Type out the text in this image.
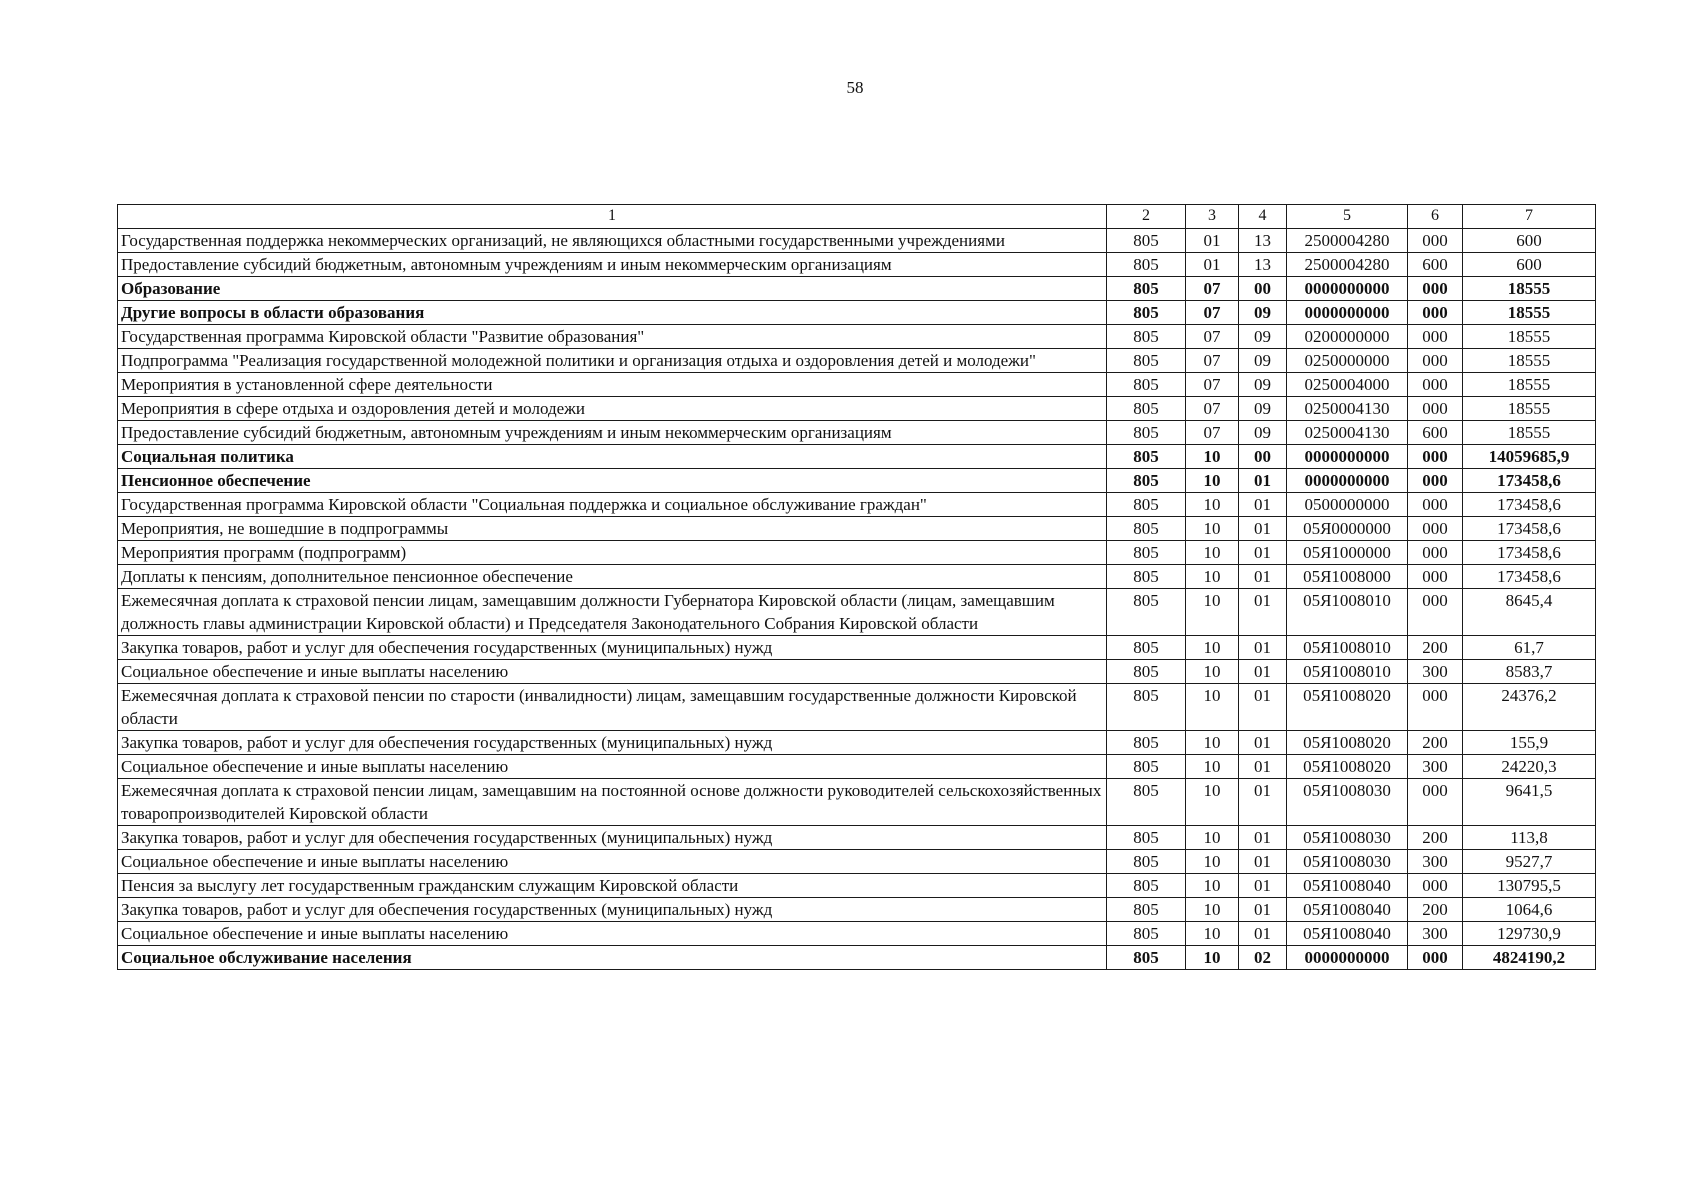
58
1	2	3	4	5	6	7
Государственная поддержка некоммерческих организаций, не являющихся областными государственными учреждениями	805	01	13	2500004280	000	600
Предоставление субсидий бюджетным, автономным учреждениям и иным некоммерческим организациям	805	01	13	2500004280	600	600
Образование	805	07	00	0000000000	000	18555
Другие вопросы в области образования	805	07	09	0000000000	000	18555
Государственная программа Кировской области "Развитие образования"	805	07	09	0200000000	000	18555
Подпрограмма "Реализация государственной молодежной политики и организация отдыха и оздоровления детей и молодежи"	805	07	09	0250000000	000	18555
Мероприятия в установленной сфере деятельности	805	07	09	0250004000	000	18555
Мероприятия в сфере отдыха и оздоровления детей и молодежи	805	07	09	0250004130	000	18555
Предоставление субсидий бюджетным, автономным учреждениям и иным некоммерческим организациям	805	07	09	0250004130	600	18555
Социальная политика	805	10	00	0000000000	000	14059685,9
Пенсионное обеспечение	805	10	01	0000000000	000	173458,6
Государственная программа Кировской области "Социальная поддержка и социальное обслуживание граждан"	805	10	01	0500000000	000	173458,6
Мероприятия, не вошедшие в подпрограммы	805	10	01	05Я0000000	000	173458,6
Мероприятия программ (подпрограмм)	805	10	01	05Я1000000	000	173458,6
Доплаты к пенсиям, дополнительное пенсионное обеспечение	805	10	01	05Я1008000	000	173458,6
Ежемесячная доплата к страховой пенсии лицам, замещавшим должности Губернатора Кировской области (лицам, замещавшим должность главы администрации Кировской области) и Председателя Законодательного Собрания Кировской области	805	10	01	05Я1008010	000	8645,4
Закупка товаров, работ и услуг для обеспечения государственных (муниципальных) нужд	805	10	01	05Я1008010	200	61,7
Социальное обеспечение и иные выплаты населению	805	10	01	05Я1008010	300	8583,7
Ежемесячная доплата к страховой пенсии по старости (инвалидности) лицам, замещавшим государственные должности Кировской области	805	10	01	05Я1008020	000	24376,2
Закупка товаров, работ и услуг для обеспечения государственных (муниципальных) нужд	805	10	01	05Я1008020	200	155,9
Социальное обеспечение и иные выплаты населению	805	10	01	05Я1008020	300	24220,3
Ежемесячная доплата к страховой пенсии лицам, замещавшим на постоянной основе должности руководителей сельскохозяйственных товаропроизводителей Кировской области	805	10	01	05Я1008030	000	9641,5
Закупка товаров, работ и услуг для обеспечения государственных (муниципальных) нужд	805	10	01	05Я1008030	200	113,8
Социальное обеспечение и иные выплаты населению	805	10	01	05Я1008030	300	9527,7
Пенсия за выслугу лет государственным гражданским служащим Кировской области	805	10	01	05Я1008040	000	130795,5
Закупка товаров, работ и услуг для обеспечения государственных (муниципальных) нужд	805	10	01	05Я1008040	200	1064,6
Социальное обеспечение и иные выплаты населению	805	10	01	05Я1008040	300	129730,9
Социальное обслуживание населения	805	10	02	0000000000	000	4824190,2
